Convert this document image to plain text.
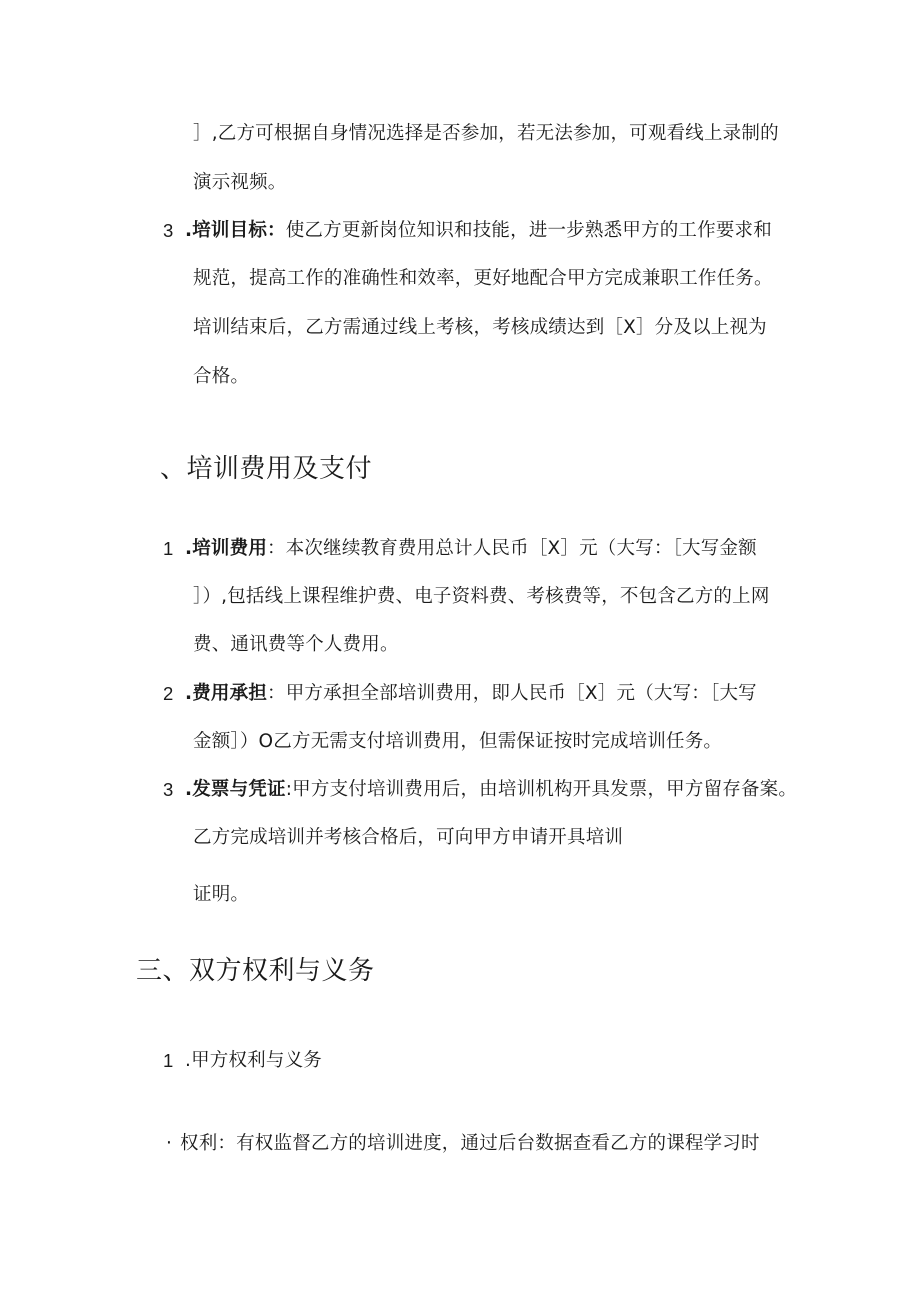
］,乙方可根据自身情况选择是否参加，若无法参加，可观看线上录制的
演示视频。
3 .培训目标：使乙方更新岗位知识和技能，进一步熟悉甲方的工作要求和
规范，提高工作的准确性和效率，更好地配合甲方完成兼职工作任务。
培训结束后，乙方需通过线上考核，考核成绩达到［X］分及以上视为
合格。
、培训费用及支付
1 .培训费用：本次继续教育费用总计人民币［X］元（大写：［大写金额
］）,包括线上课程维护费、电子资料费、考核费等，不包含乙方的上网
费、通讯费等个人费用。
2 .费用承担：甲方承担全部培训费用，即人民币［X］元（大写：［大写
金额］）O乙方无需支付培训费用，但需保证按时完成培训任务。
3 .发票与凭证:甲方支付培训费用后，由培训机构开具发票，甲方留存备案。
乙方完成培训并考核合格后，可向甲方申请开具培训
证明。
三、双方权利与义务
1 .甲方权利与义务
· 权利：有权监督乙方的培训进度，通过后台数据查看乙方的课程学习时
